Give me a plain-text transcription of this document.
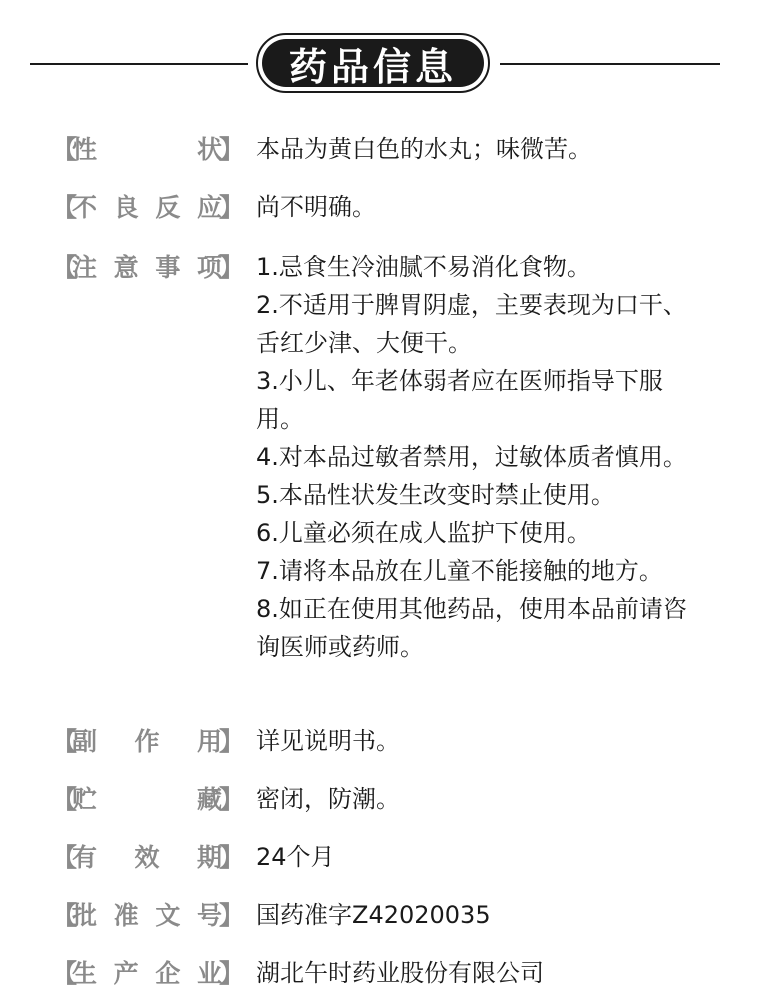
药品信息
【
性	状
】 本品为黄白色的水丸；味微苦。
【
不 良 反 应
】 尚不明确。
【
注 意 事 项
】 1.忌食生冷油腻不易消化食物。
2.不适用于脾胃阴虚，主要表现为口干、舌红少津、大便干。
3.小儿、年老体弱者应在医师指导下服用。
4.对本品过敏者禁用，过敏体质者慎用。
5.本品性状发生改变时禁止使用。
6.儿童必须在成人监护下使用。
7.请将本品放在儿童不能接触的地方。
8.如正在使用其他药品，使用本品前请咨询医师或药师。
【
副 作 用
】 详见说明书。
【
贮	藏
】 密闭，防潮。
【
有 效 期
】 24个月
【
批 准 文 号
】 国药准字Z42020035
【
生 产 企 业
】 湖北午时药业股份有限公司
